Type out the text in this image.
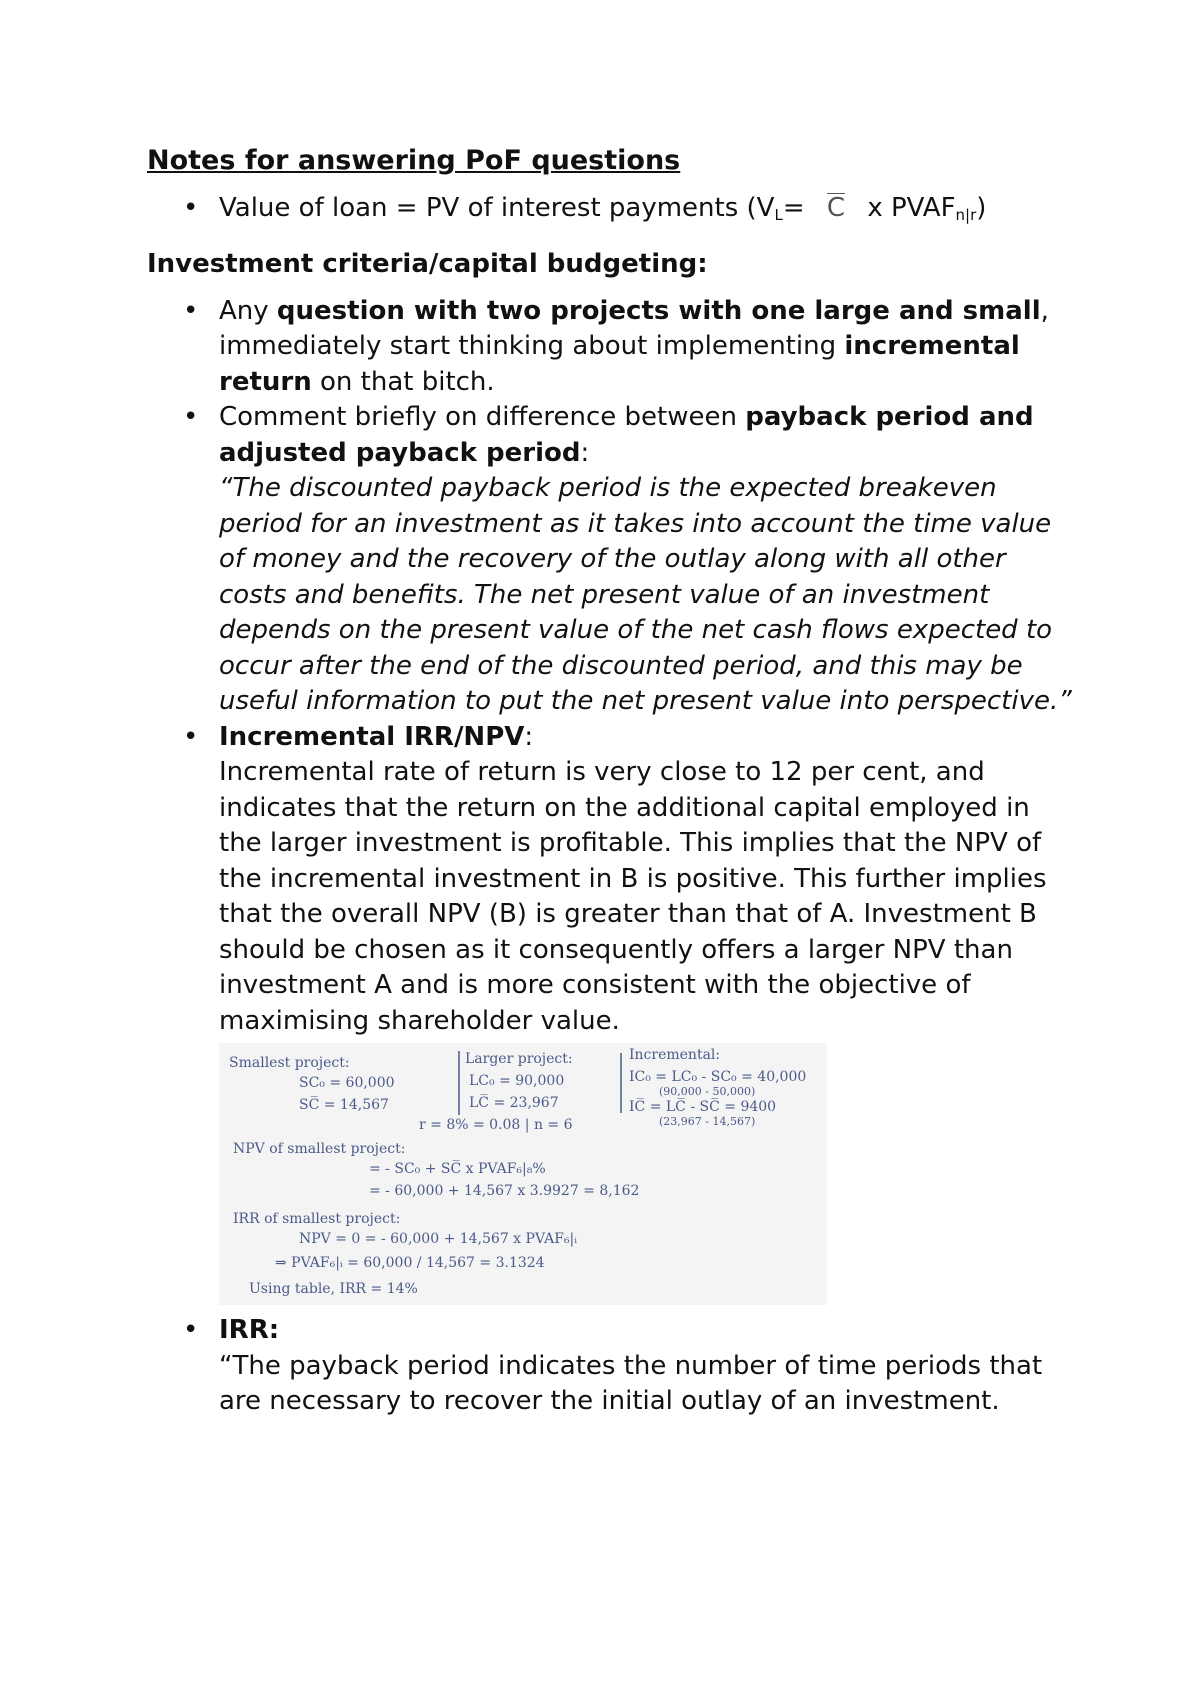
Notes for answering PoF questions

• Value of loan = PV of interest payments ($V_L= C$ x $PVAF_{n|r}$)
Investment criteria/capital budgeting:
• Any question with two projects with one large and small, immediately start thinking about implementing incremental return on that bitch.
• Comment briefly on difference between payback period and adjusted payback period:
“The discounted payback period is the expected breakeven period for an investment as it takes into account the time value of money and the recovery of the outlay along with all other costs and benefits. The net present value of an investment depends on the present value of the net cash flows expected to occur after the end of the discounted period, and this may be useful information to put the net present value into perspective.”
• Incremental IRR/NPV:
Incremental rate of return is very close to 12 per cent, and indicates that the return on the additional capital employed in the larger investment is profitable. This implies that the NPV of the incremental investment in B is positive. This further implies that the overall NPV (B) is greater than that of A. Investment B should be chosen as it consequently offers a larger NPV than investment A and is more consistent with the objective of maximising shareholder value.
Smallest project:	Larger project:	Incremental:
SC₀ = 60,000	LC₀ = 90,000	IC₀ = LC₀ - SC₀ = 40,000
(90,000 - 50,000)
SC̅ = 14,567	LC̅ = 23,967	IC̅ = LC̅ - SC̅ = 9400
(23,967 - 14,567)
r = 8% = 0.08 | n = 6
NPV of smallest project:
= - SC₀ + SC̅ x PVAF₆|₈%
= - 60,000 + 14,567 x 3.9927 = 8,162
IRR of smallest project:
NPV = 0 = - 60,000 + 14,567 x PVAF₆|ᵢ
⇒ PVAF₆|ᵢ = 60,000 / 14,567 = 3.1324
Using table, IRR = 14%
• IRR:
“The payback period indicates the number of time periods that are necessary to recover the initial outlay of an investment.
